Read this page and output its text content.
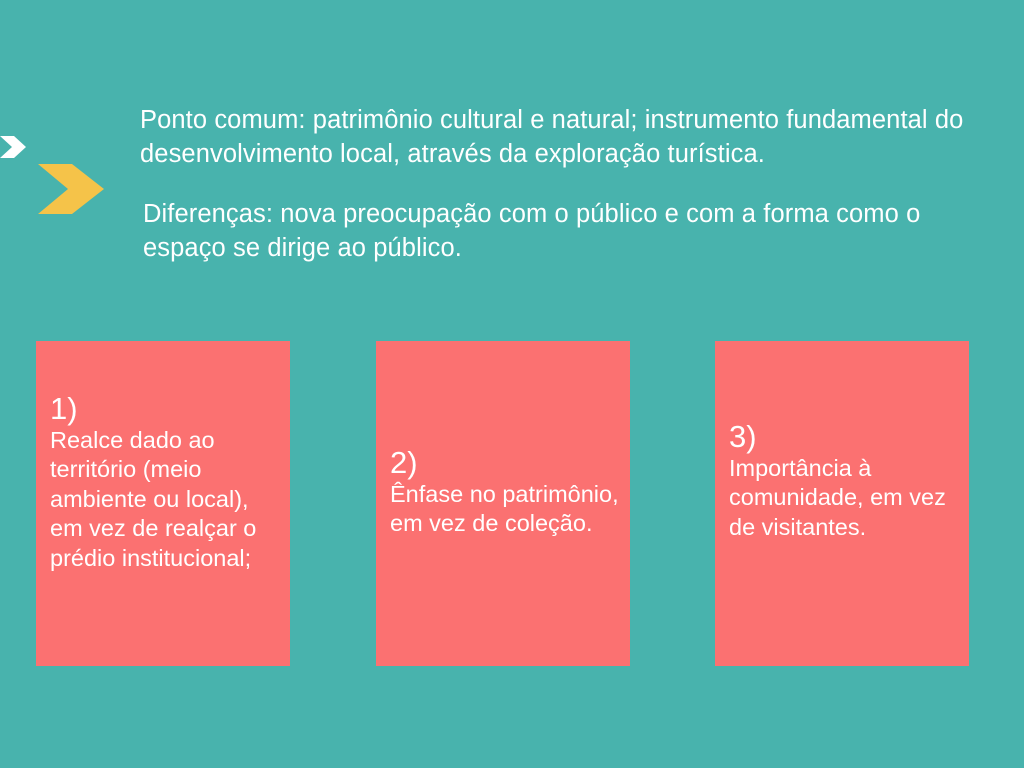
Ponto comum: patrimônio cultural e natural; instrumento fundamental do desenvolvimento local, através da exploração turística.

Diferenças: nova preocupação com o público e com a forma como o espaço se dirige ao público.

1)
Realce dado ao território (meio ambiente ou local), em vez de realçar o prédio institucional;
2)
Ênfase no patrimônio, em vez de coleção.
3)
Importância à comunidade, em vez de visitantes.
